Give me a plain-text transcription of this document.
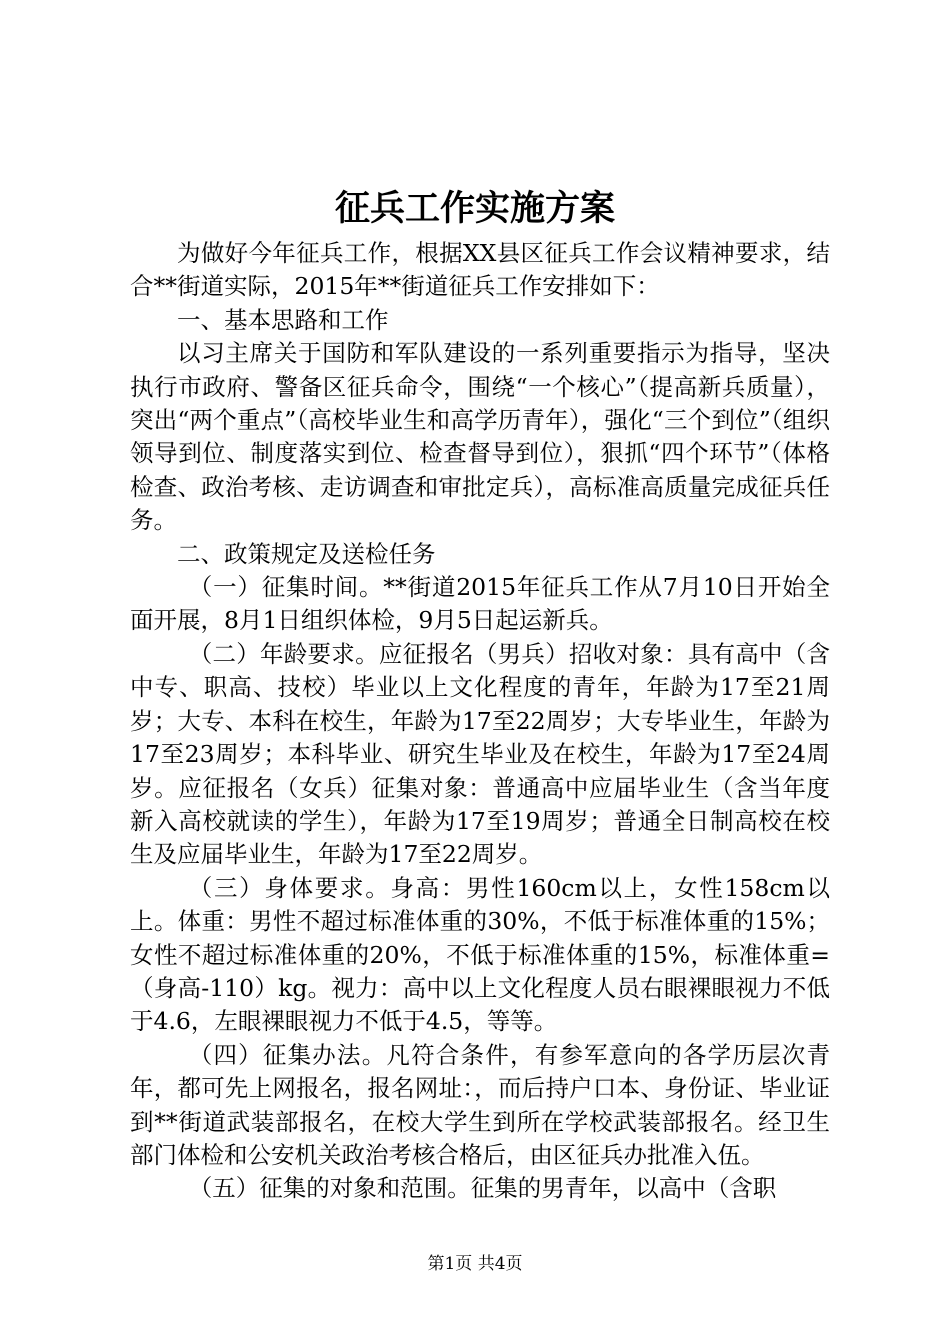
征兵工作实施方案

为做好今年征兵工作，根据XX县区征兵工作会议精神要求，结合**街道实际，2015年**街道征兵工作安排如下：

一、基本思路和工作

以习主席关于国防和军队建设的一系列重要指示为指导，坚决执行市政府、警备区征兵命令，围绕“一个核心”（提高新兵质量），突出“两个重点”（高校毕业生和高学历青年），强化“三个到位”（组织领导到位、制度落实到位、检查督导到位），狠抓“四个环节”（体格检查、政治考核、走访调查和审批定兵），高标准高质量完成征兵任务。

二、政策规定及送检任务

（一）征集时间。**街道2015年征兵工作从7月10日开始全面开展，8月1日组织体检，9月5日起运新兵。

（二）年龄要求。应征报名（男兵）招收对象：具有高中（含中专、职高、技校）毕业以上文化程度的青年，年龄为17至21周岁；大专、本科在校生，年龄为17至22周岁；大专毕业生，年龄为17至23周岁；本科毕业、研究生毕业及在校生，年龄为17至24周岁。应征报名（女兵）征集对象：普通高中应届毕业生（含当年度新入高校就读的学生），年龄为17至19周岁；普通全日制高校在校生及应届毕业生，年龄为17至22周岁。

（三）身体要求。身高：男性160cm以上，女性158cm以上。体重：男性不超过标准体重的30%，不低于标准体重的15%；女性不超过标准体重的20%，不低于标准体重的15%，标准体重=（身高-110）kg。视力：高中以上文化程度人员右眼裸眼视力不低于4.6，左眼裸眼视力不低于4.5，等等。

（四）征集办法。凡符合条件，有参军意向的各学历层次青年，都可先上网报名，报名网址：，而后持户口本、身份证、毕业证到**街道武装部报名，在校大学生到所在学校武装部报名。经卫生部门体检和公安机关政治考核合格后，由区征兵办批准入伍。

（五）征集的对象和范围。征集的男青年，以高中（含职

第1页 共4页
